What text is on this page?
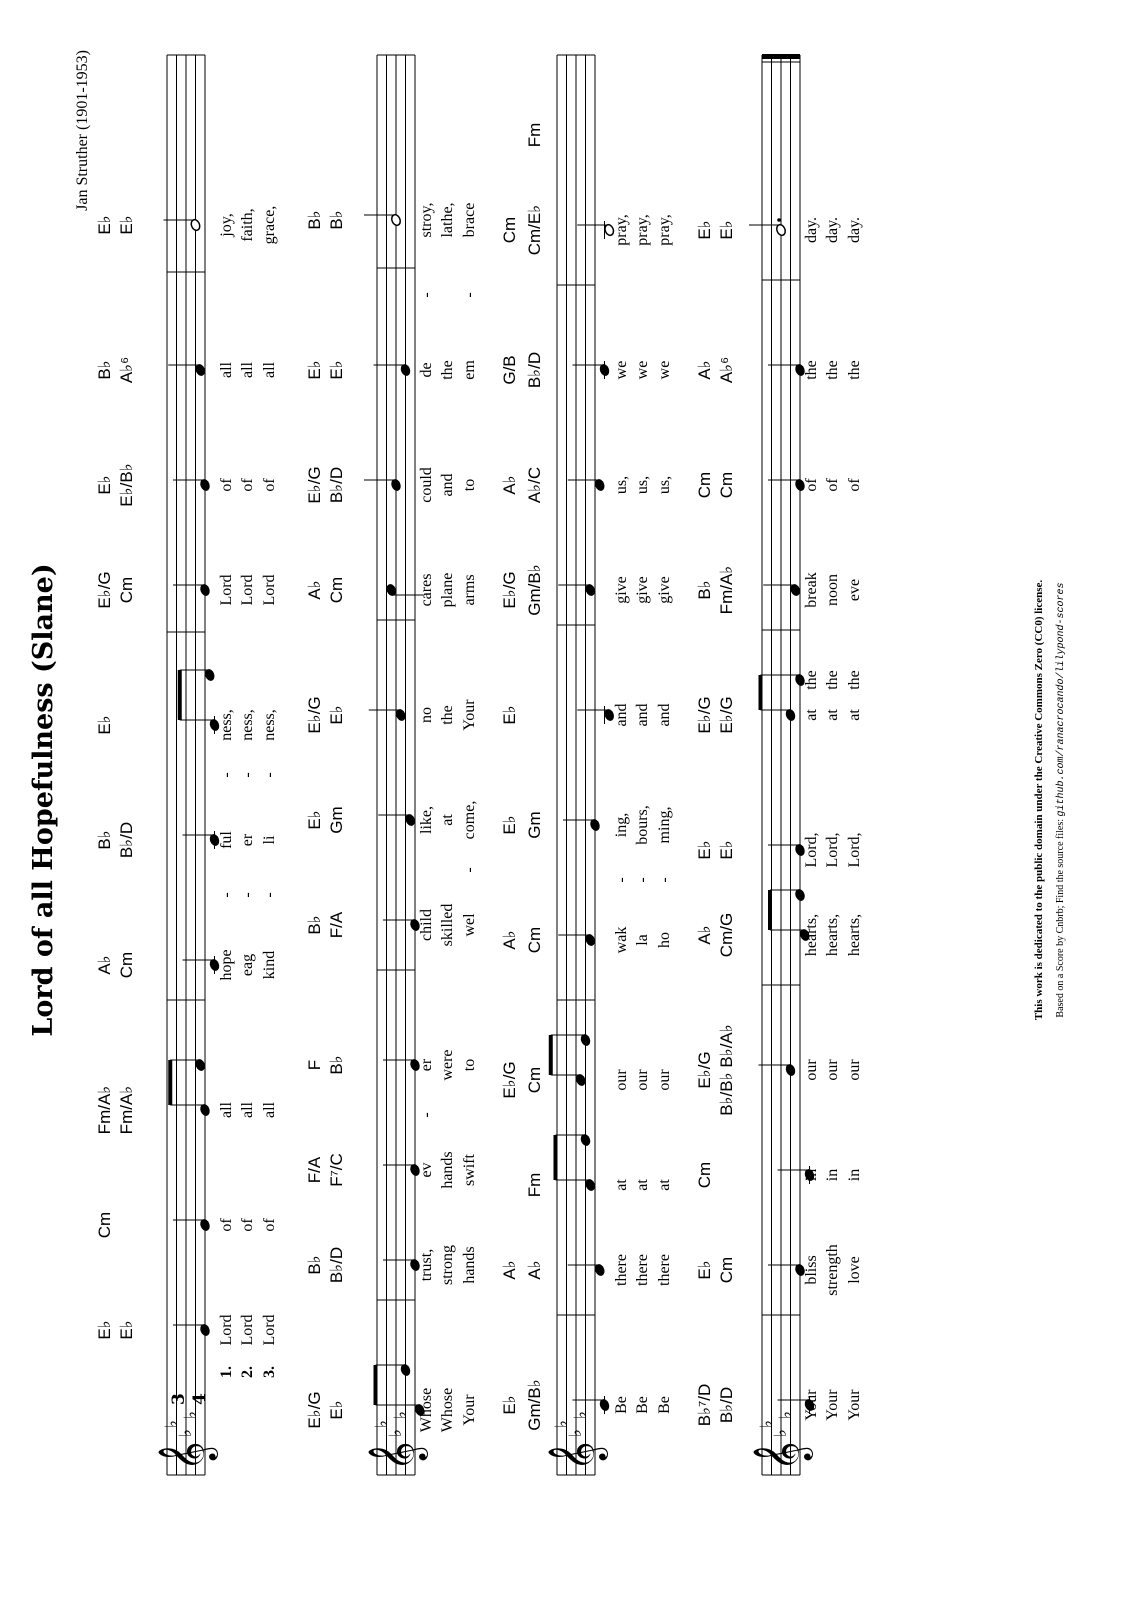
Lord of all Hopefulness (Slane)
Jan Struther (1901-1953)
𝄞
♭
♭
♭
3 4
𝄞
♭
♭
♭
𝄞
♭
♭
♭
𝄞
♭
♭
♭
E♭ E♭	Lord Lord Lord
1. 2. 3.
Cm	of of of
Fm/A♭ Fm/A♭	all all all
A♭ Cm	hope eag kind
- - -
B♭ B♭/D	ful er li
- - -
E♭	ness, ness, ness,
E♭/G Cm	Lord Lord Lord
E♭ E♭/B♭	of of of
B♭ A♭⁶	all all all
E♭ E♭	joy, faith, grace,
E♭/G E♭	Whose Whose Your
B♭ B♭/D	trust, strong hands
F/A F⁷/C	ev hands swift
-
F B♭	er were to
B♭ F/A	child skilled wel
-
E♭ Gm	like, at come,
E♭/G E♭	no the Your
A♭ Cm	cares plane arms
E♭/G B♭/D	could and to
E♭ E♭	de the em
- -
B♭ B♭	stroy, lathe, brace
E♭ Gm/B♭	Be Be Be
A♭ A♭	there there there
Fm	at at at
E♭/G Cm	our our our
A♭ Cm	wak la ho
- - -
E♭ Gm	ing, bours, ming,
E♭	and and and
E♭/G Gm/B♭	give give give
A♭ A♭/C	us, us, us,
G/B B♭/D	we we we
Cm Cm/E♭	pray, pray, pray,
Fm
B♭⁷/D B♭/D	Your Your Your
E♭ Cm	bliss strength love
Cm	in in in
E♭/G B♭/B♭ B♭/A♭	our our our
A♭ Cm/G	hearts, hearts, hearts,
E♭ E♭	Lord, Lord, Lord,
E♭/G E♭/G	at at at
the the the
B♭ Fm/A♭	break noon eve
Cm Cm	of of of
A♭ A♭⁶	the the the
E♭ E♭	day. day. day.
This work is dedicated to the public domain under the Creative Commons Zero (CC0) license. Based on a Score by Cnbrb; Find the source files: github.com/ranacrocando/lilypond-scores
